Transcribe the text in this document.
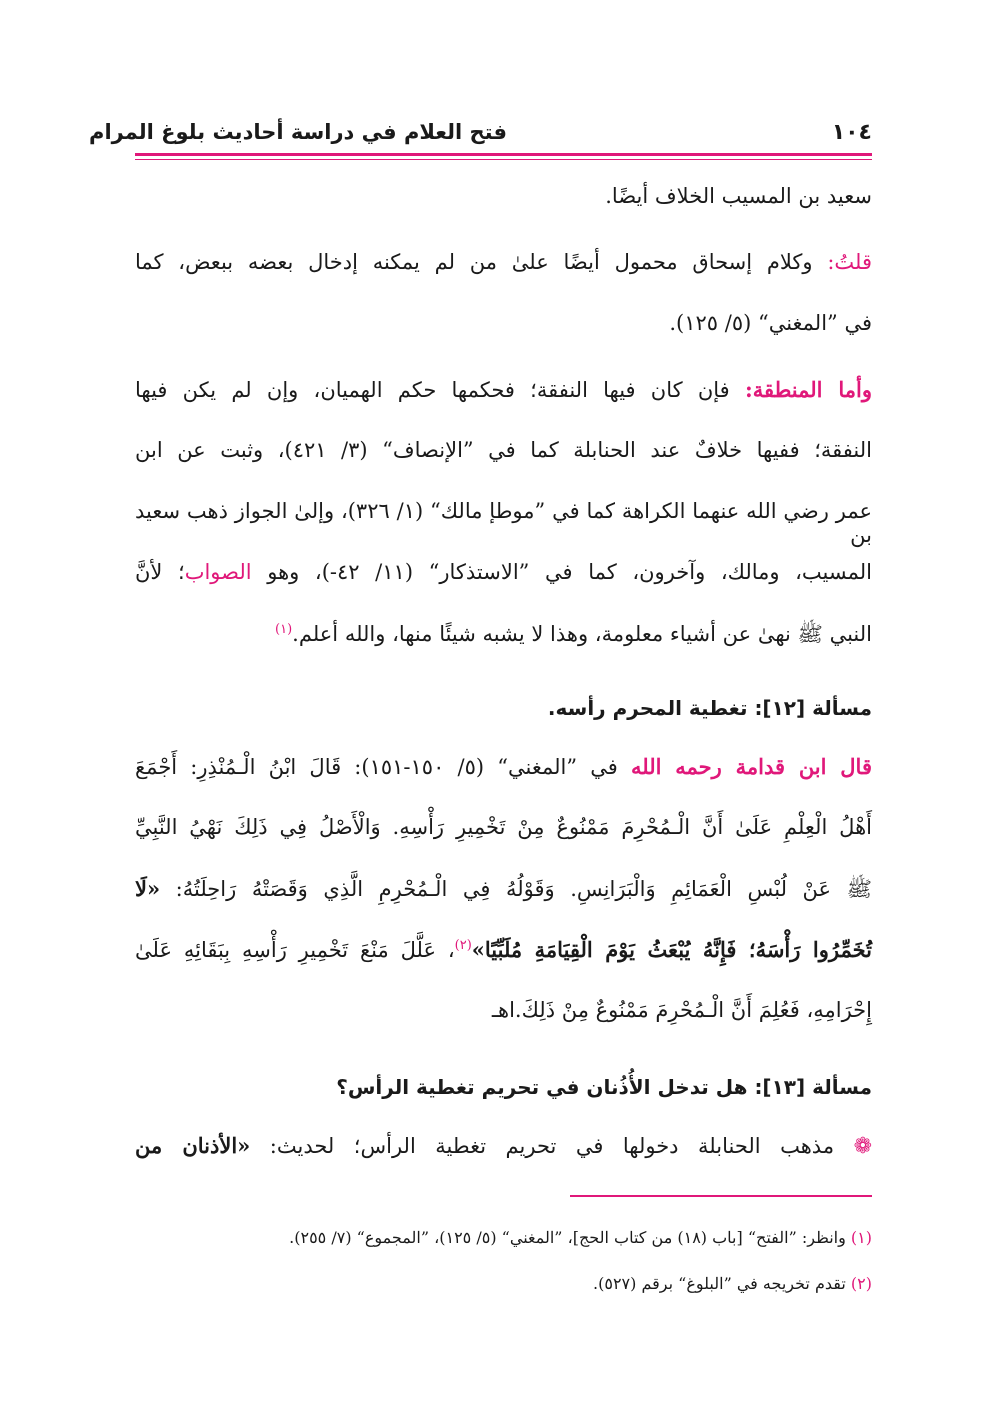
١٠٤
فتح العلام في دراسة أحاديث بلوغ المرام
سعيد بن المسيب الخلاف أيضًا.
قلتُ: وكلام إسحاق محمول أيضًا علىٰ من لم يمكنه إدخال بعضه ببعض، كما
في ”المغني“ (٥/ ١٢٥).
وأما المنطقة: فإن كان فيها النفقة؛ فحكمها حكم الهميان، وإن لم يكن فيها
النفقة؛ ففيها خلافٌ عند الحنابلة كما في ”الإنصاف“ (٣/ ٤٢١)، وثبت عن ابن
عمر رضي الله عنهما الكراهة كما في ”موطإ مالك“ (١/ ٣٢٦)، وإلىٰ الجواز ذهب سعيد بن
المسيب، ومالك، وآخرون، كما في ”الاستذكار“ (١١/ ٤٢-)، وهو الصواب؛ لأنَّ
النبي ﷺ نهىٰ عن أشياء معلومة، وهذا لا يشبه شيئًا منها، والله أعلم.$^{(١)}$
مسألة [١٢]: تغطية المحرم رأسه.
قال ابن قدامة رحمه الله في ”المغني“ (٥/ ١٥٠-١٥١): قَالَ ابْنُ الْـمُنْذِرِ: أَجْمَعَ
أَهْلُ الْعِلْمِ عَلَىٰ أَنَّ الْـمُحْرِمَ مَمْنُوعٌ مِنْ تَخْمِيرِ رَأْسِهِ. وَالْأَصْلُ فِي ذَلِكَ نَهْيُ النَّبِيِّ
ﷺ عَنْ لُبْسِ الْعَمَائِمِ وَالْبَرَانِسِ. وَقَوْلُهُ فِي الْـمُحْرِمِ الَّذِي وَقَصَتْهُ رَاحِلَتُهُ: «لَا
تُخَمِّرُوا رَأْسَهُ؛ فَإِنَّهُ يُبْعَثُ يَوْمَ الْقِيَامَةِ مُلَبِّيًا»$^{(٢)}$، عَلَّلَ مَنْعَ تَخْمِيرِ رَأْسِهِ بِبَقَائِهِ عَلَىٰ
إِحْرَامِهِ، فَعُلِمَ أَنَّ الْـمُحْرِمَ مَمْنُوعٌ مِنْ ذَلِكَ.اهـ
مسألة [١٣]: هل تدخل الأُذُنان في تحريم تغطية الرأس؟
❁ مذهب الحنابلة دخولها في تحريم تغطية الرأس؛ لحديث: «الأذنان من
(١) وانظر: ”الفتح“ [باب (١٨) من كتاب الحج]، ”المغني“ (٥/ ١٢٥)، ”المجموع“ (٧/ ٢٥٥).
(٢) تقدم تخريجه في ”البلوغ“ برقم (٥٢٧).
